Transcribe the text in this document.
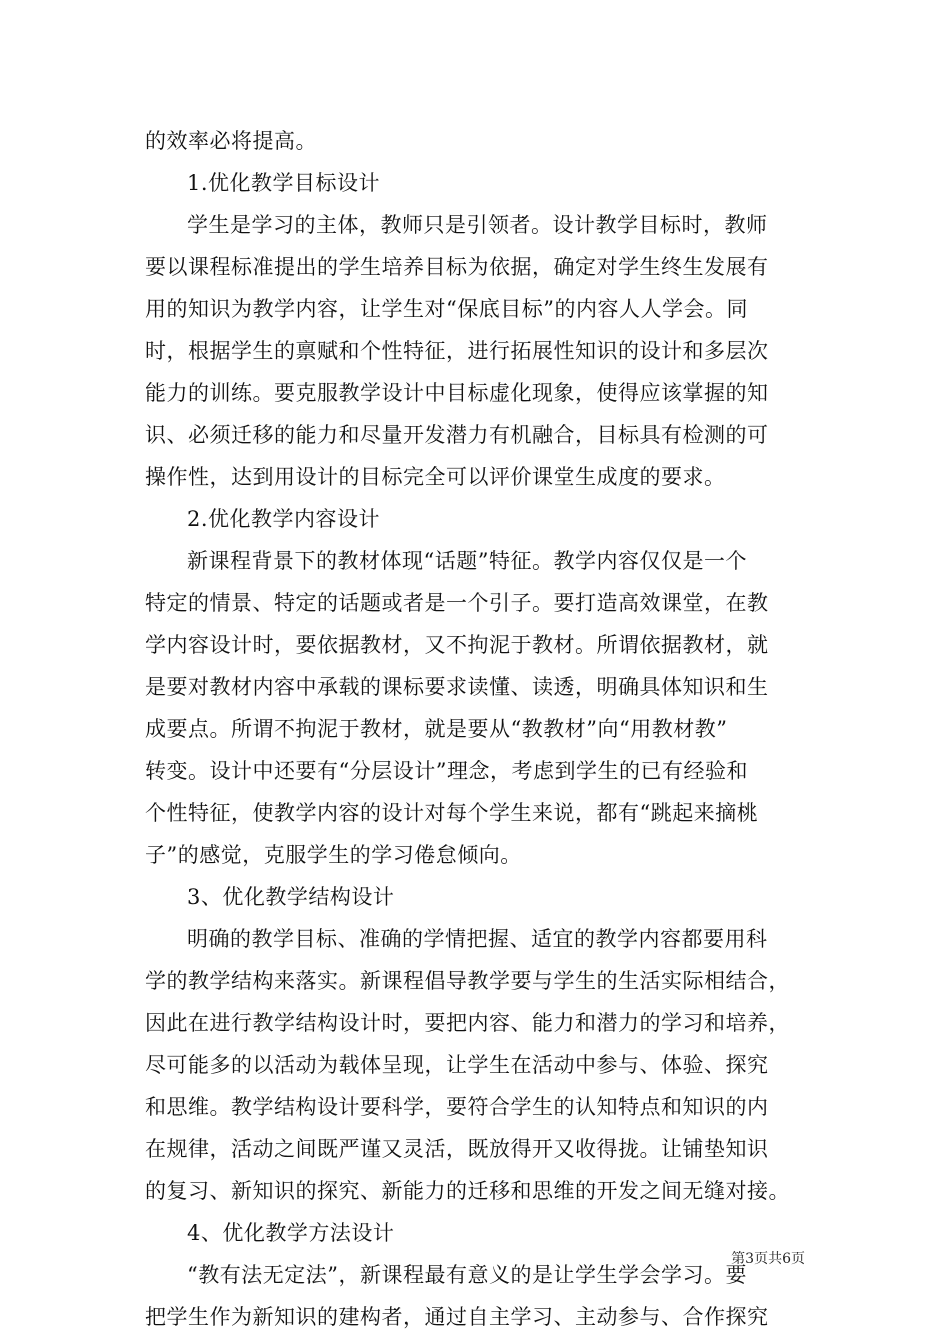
的效率必将提高。
1.优化教学目标设计
学生是学习的主体，教师只是引领者。设计教学目标时，教师
要以课程标准提出的学生培养目标为依据，确定对学生终生发展有
用的知识为教学内容，让学生对“保底目标”的内容人人学会。同
时，根据学生的禀赋和个性特征，进行拓展性知识的设计和多层次
能力的训练。要克服教学设计中目标虚化现象，使得应该掌握的知
识、必须迁移的能力和尽量开发潜力有机融合，目标具有检测的可
操作性，达到用设计的目标完全可以评价课堂生成度的要求。
2.优化教学内容设计
新课程背景下的教材体现“话题”特征。教学内容仅仅是一个
特定的情景、特定的话题或者是一个引子。要打造高效课堂，在教
学内容设计时，要依据教材，又不拘泥于教材。所谓依据教材，就
是要对教材内容中承载的课标要求读懂、读透，明确具体知识和生
成要点。所谓不拘泥于教材，就是要从“教教材”向“用教材教”
转变。设计中还要有“分层设计”理念，考虑到学生的已有经验和
个性特征，使教学内容的设计对每个学生来说，都有“跳起来摘桃
子”的感觉，克服学生的学习倦怠倾向。
3、优化教学结构设计
明确的教学目标、准确的学情把握、适宜的教学内容都要用科
学的教学结构来落实。新课程倡导教学要与学生的生活实际相结合，
因此在进行教学结构设计时，要把内容、能力和潜力的学习和培养，
尽可能多的以活动为载体呈现，让学生在活动中参与、体验、探究
和思维。教学结构设计要科学，要符合学生的认知特点和知识的内
在规律，活动之间既严谨又灵活，既放得开又收得拢。让铺垫知识
的复习、新知识的探究、新能力的迁移和思维的开发之间无缝对接。
4、优化教学方法设计
“教有法无定法”，新课程最有意义的是让学生学会学习。要
把学生作为新知识的建构者，通过自主学习、主动参与、合作探究
第3页共6页
